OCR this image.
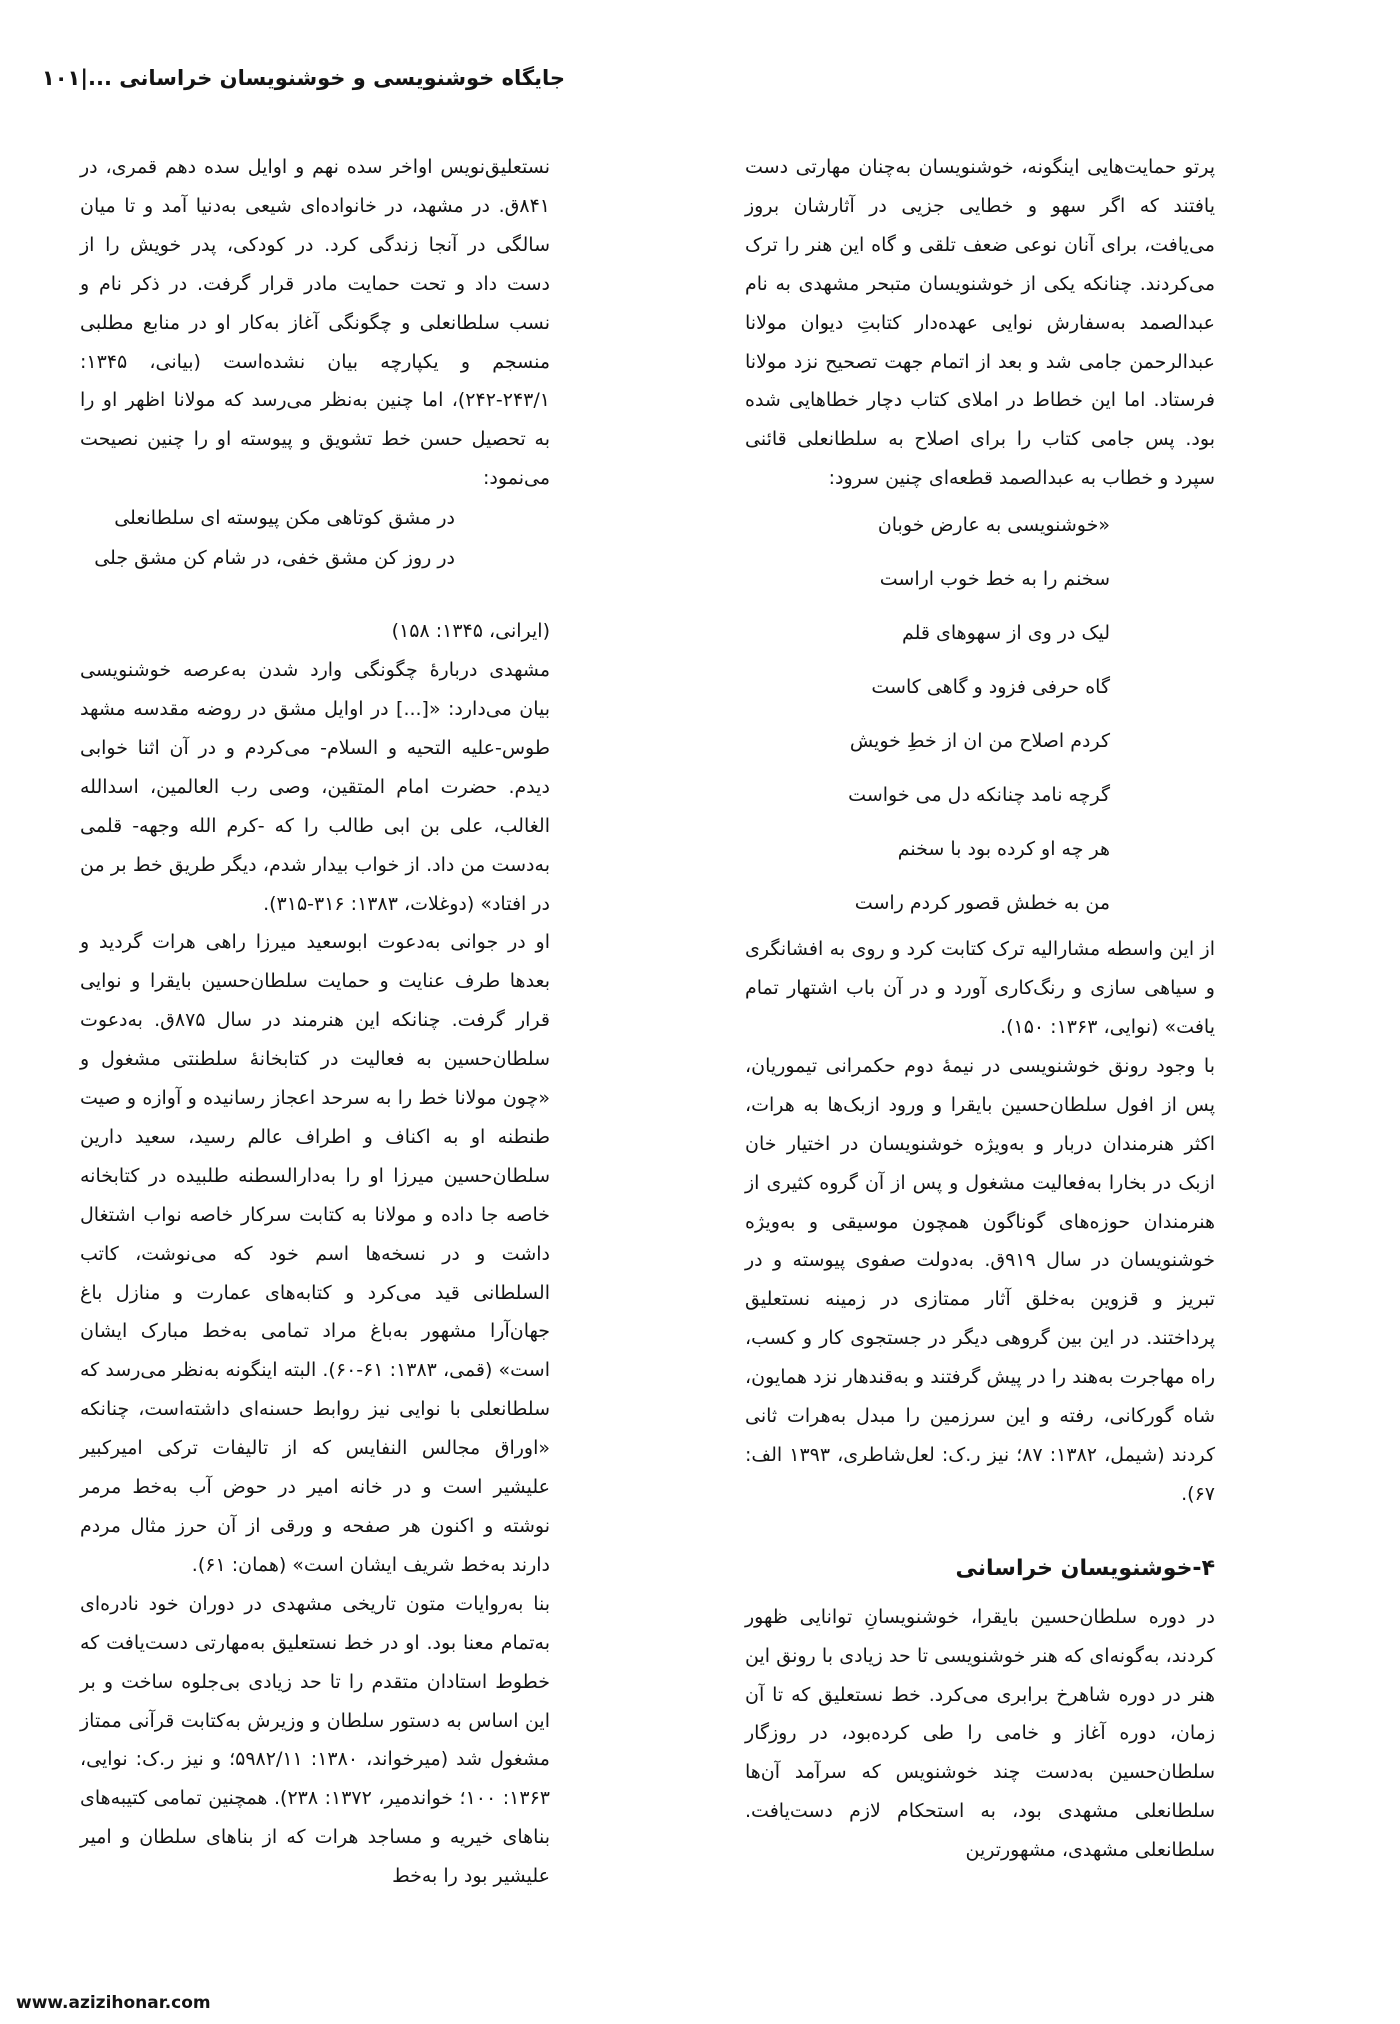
جایگاه خوشنویسی و خوشنویسان خراسانی ...|۱۰۱

پرتو حمایت‌هایی اینگونه، خوشنویسان به‌چنان مهارتی دست یافتند که اگر سهو و خطایی جزیی در آثارشان بروز می‌یافت، برای آنان نوعی ضعف تلقی و گاه این هنر را ترک می‌کردند. چنانکه یکی از خوشنویسان متبحر مشهدی به نام عبدالصمد به‌سفارش نوایی عهده‌دار کتابتِ دیوان مولانا عبدالرحمن جامی شد و بعد از اتمام جهت تصحیح نزد مولانا فرستاد. اما این خطاط در املای کتاب دچار خطاهایی شده بود. پس جامی کتاب را برای اصلاح به سلطانعلی قائنی سپرد و خطاب به عبدالصمد قطعه‌ای چنین سرود:

«خوشنویسی به عارض خوبان

سخنم را به خط خوب اراست

لیک در وی از سهوهای قلم

گاه حرفی فزود و گاهی کاست

کردم اصلاح من ان از خطِ خویش

گرچه نامد چنانکه دل می خواست

هر چه او کرده بود با سخنم

من به خطش قصور کردم راست

از این واسطه مشارالیه ترک کتابت کرد و روی به افشانگری و سیاهی سازی و رنگ‌کاری آورد و در آن باب اشتهار تمام یافت» (نوایی، ۱۳۶۳: ۱۵۰).

با وجود رونق خوشنویسی در نیمهٔ دوم حکمرانی تیموریان، پس از افول سلطان‌حسین بایقرا و ورود ازبک‌ها به هرات، اکثر هنرمندان دربار و به‌ویژه خوشنویسان در اختیار خان ازبک در بخارا به‌فعالیت مشغول و پس از آن گروه کثیری از هنرمندان حوزه‌های گوناگون همچون موسیقی و به‌ویژه خوشنویسان در سال ۹۱۹ق. به‌دولت صفوی پیوسته و در تبریز و قزوین به‌خلق آثار ممتازی در زمینه نستعلیق پرداختند. در این بین گروهی دیگر در جستجوی کار و کسب، راه مهاجرت به‌هند را در پیش گرفتند و به‌قندهار نزد همایون، شاه گورکانی، رفته و این سرزمین را مبدل به‌هرات ثانی کردند (شیمل، ۱۳۸۲: ۸۷؛ نیز ر.ک: لعل‌شاطری، ۱۳۹۳ الف: ۶۷).

۴-خوشنویسان خراسانی

در دوره سلطان‌حسین بایقرا، خوشنویسانِ توانایی ظهور کردند، به‌گونه‌ای که هنر خوشنویسی تا حد زیادی با رونق این هنر در دوره شاهرخ برابری می‌کرد. خط نستعلیق که تا آن زمان، دوره آغاز و خامی را طی کرده‌بود، در روزگار سلطان‌حسین به‌دست چند خوشنویس که سرآمد آن‌ها سلطانعلی مشهدی بود، به استحکام لازم دست‌یافت. سلطانعلی مشهدی، مشهورترین

نستعلیق‌نویس اواخر سده نهم و اوایل سده دهم قمری، در ۸۴۱ق. در مشهد، در خانواده‌ای شیعی به‌دنیا آمد و تا میان سالگی در آنجا زندگی کرد. در کودکی، پدر خویش را از دست داد و تحت حمایت مادر قرار گرفت. در ذکر نام و نسب سلطانعلی و چگونگی آغاز به‌کار او در منابع مطلبی منسجم و یکپارچه بیان نشده‌است (بیانی، ۱۳۴۵: ۲۴۳/۱-۲۴۲)، اما چنین به‌نظر می‌رسد که مولانا اظهر او را به تحصیل حسن خط تشویق و پیوسته او را چنین نصیحت می‌نمود:

در مشق کوتاهی مکن پیوسته ای سلطانعلی

در روز کن مشق خفی، در شام کن مشق جلی

(ایرانی، ۱۳۴۵: ۱۵۸)

مشهدی دربارهٔ چگونگی وارد شدن به‌عرصه خوشنویسی بیان می‌دارد: «[...] در اوایل مشق در روضه مقدسه مشهد طوس-علیه التحیه و السلام- می‌کردم و در آن اثنا خوابی دیدم. حضرت امام المتقین، وصی رب العالمین، اسدالله الغالب، علی بن ابی طالب را که -کرم الله وجهه- قلمی به‌دست من داد. از خواب بیدار شدم، دیگر طریق خط بر من در افتاد» (دوغلات، ۱۳۸۳: ۳۱۶-۳۱۵).

او در جوانی به‌دعوت ابوسعید میرزا راهی هرات گردید و بعدها طرف عنایت و حمایت سلطان‌حسین بایقرا و نوایی قرار گرفت. چنانکه این هنرمند در سال ۸۷۵ق. به‌دعوت سلطان‌حسین به فعالیت در کتابخانهٔ سلطنتی مشغول و «چون مولانا خط را به سرحد اعجاز رسانیده و آوازه و صیت طنطنه او به اکناف و اطراف عالم رسید، سعید دارین سلطان‌حسین میرزا او را به‌دارالسطنه طلبیده در کتابخانه خاصه جا داده و مولانا به کتابت سرکار خاصه نواب اشتغال داشت و در نسخه‌ها اسم خود که می‌نوشت، کاتب السلطانی قید می‌کرد و کتابه‌های عمارت و منازل باغ جهان‌آرا مشهور به‌باغ مراد تمامی به‌خط مبارک ایشان است» (قمی، ۱۳۸۳: ۶۱-۶۰). البته اینگونه به‌نظر می‌رسد که سلطانعلی با نوایی نیز روابط حسنه‌ای داشته‌است، چنانکه «اوراق مجالس النفایس که از تالیفات ترکی امیرکبیر علیشیر است و در خانه امیر در حوض آب به‌خط مرمر نوشته و اکنون هر صفحه و ورقی از آن حرز مثال مردم دارند به‌خط شریف ایشان است» (همان: ۶۱).

بنا به‌روایات متون تاریخی مشهدی در دوران خود نادره‌ای به‌تمام معنا بود. او در خط نستعلیق به‌مهارتی دست‌یافت که خطوط استادان متقدم را تا حد زیادی بی‌جلوه ساخت و بر این اساس به دستور سلطان و وزیرش به‌کتابت قرآنی ممتاز مشغول شد (میرخواند، ۱۳۸۰: ۵۹۸۲/۱۱؛ و نیز ر.ک: نوایی، ۱۳۶۳: ۱۰۰؛ خواندمیر، ۱۳۷۲: ۲۳۸). همچنین تمامی کتیبه‌های بناهای خیریه و مساجد هرات که از بناهای سلطان و امیر علیشیر بود را به‌خط

www.azizihonar.com
